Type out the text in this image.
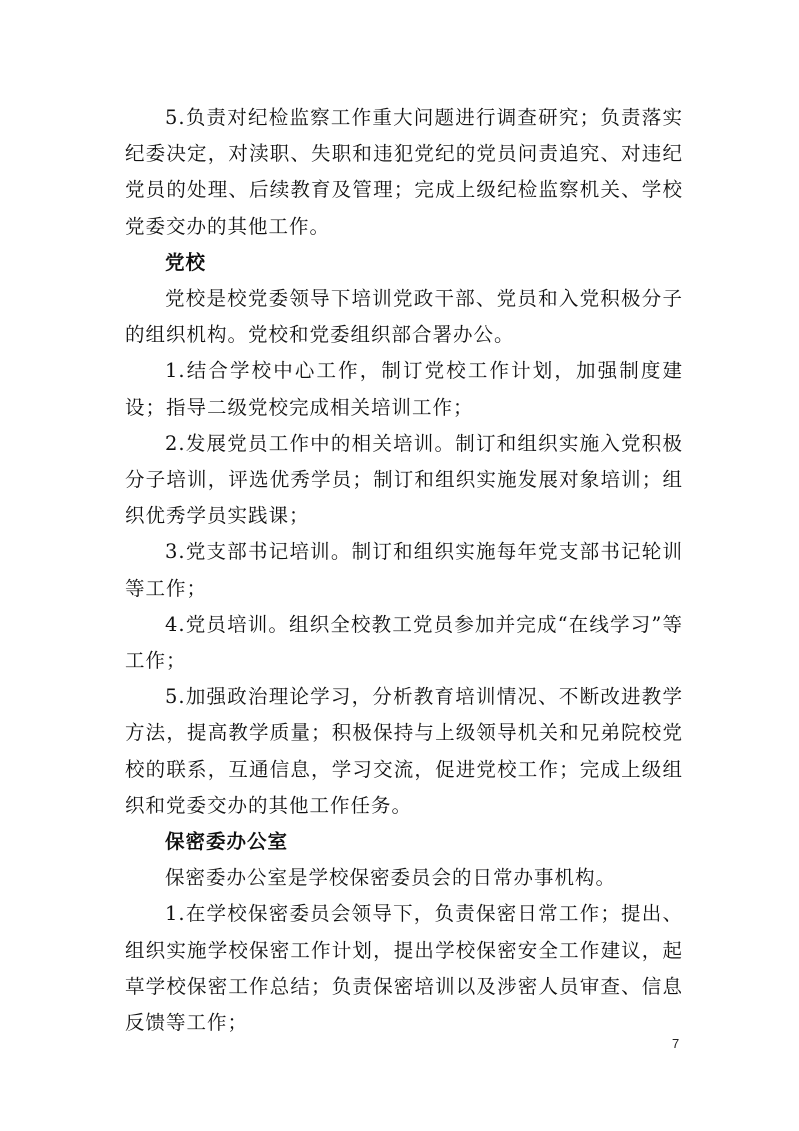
5.负责对纪检监察工作重大问题进行调查研究；负责落实纪委决定，对渎职、失职和违犯党纪的党员问责追究、对违纪党员的处理、后续教育及管理；完成上级纪检监察机关、学校党委交办的其他工作。

党校

党校是校党委领导下培训党政干部、党员和入党积极分子的组织机构。党校和党委组织部合署办公。

1.结合学校中心工作，制订党校工作计划，加强制度建设；指导二级党校完成相关培训工作；

2.发展党员工作中的相关培训。制订和组织实施入党积极分子培训，评选优秀学员；制订和组织实施发展对象培训；组织优秀学员实践课；

3.党支部书记培训。制订和组织实施每年党支部书记轮训等工作；

4.党员培训。组织全校教工党员参加并完成“在线学习”等工作；

5.加强政治理论学习，分析教育培训情况、不断改进教学方法，提高教学质量；积极保持与上级领导机关和兄弟院校党校的联系，互通信息，学习交流，促进党校工作；完成上级组织和党委交办的其他工作任务。

保密委办公室

保密委办公室是学校保密委员会的日常办事机构。

1.在学校保密委员会领导下，负责保密日常工作；提出、组织实施学校保密工作计划，提出学校保密安全工作建议，起草学校保密工作总结；负责保密培训以及涉密人员审查、信息反馈等工作；

7
